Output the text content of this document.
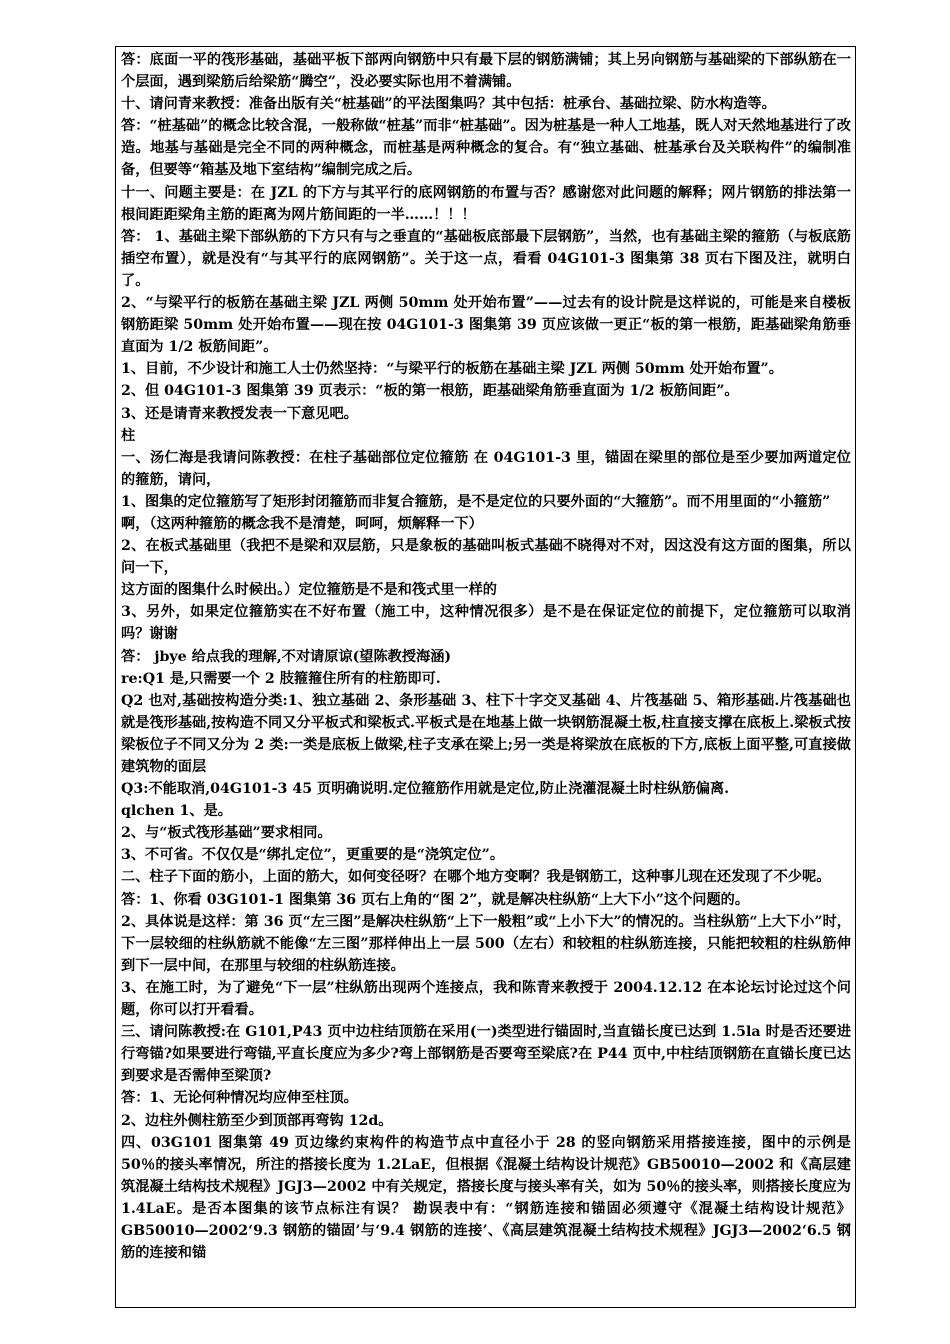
答：底面一平的筏形基础，基础平板下部两向钢筋中只有最下层的钢筋满铺；其上另向钢筋与基础梁的下部纵筋在一个层面，遇到梁筋后给梁筋“腾空”，没必要实际也用不着满铺。

十、请问青来教授：准备出版有关“桩基础”的平法图集吗？其中包括：桩承台、基础拉梁、防水构造等。

答：“桩基础”的概念比较含混，一般称做“桩基”而非“桩基础”。因为桩基是一种人工地基，既人对天然地基进行了改造。地基与基础是完全不同的两种概念，而桩基是两种概念的复合。有“独立基础、桩基承台及关联构件”的编制准备，但要等“箱基及地下室结构”编制完成之后。

十一、问题主要是：在 JZL 的下方与其平行的底网钢筋的布置与否？感谢您对此问题的解释；网片钢筋的排法第一根间距距梁角主筋的距离为网片筋间距的一半……！！！

答： 1、基础主梁下部纵筋的下方只有与之垂直的“基础板底部最下层钢筋”，当然，也有基础主梁的箍筋（与板底筋插空布置），就是没有“与其平行的底网钢筋”。关于这一点，看看 04G101-3 图集第 38 页右下图及注，就明白了。

2、“与梁平行的板筋在基础主梁 JZL 两侧 50mm 处开始布置”——过去有的设计院是这样说的，可能是来自楼板钢筋距梁 50mm 处开始布置——现在按 04G101-3 图集第 39 页应该做一更正“板的第一根筋，距基础梁角筋垂直面为 1/2 板筋间距”。

1、目前，不少设计和施工人士仍然坚持：“与梁平行的板筋在基础主梁 JZL 两侧 50mm 处开始布置”。

2、但 04G101-3 图集第 39 页表示：“板的第一根筋，距基础梁角筋垂直面为 1/2 板筋间距”。

3、还是请青来教授发表一下意见吧。

柱

一、汤仁海是我请问陈教授：在柱子基础部位定位箍筋 在 04G101-3 里，锚固在梁里的部位是至少要加两道定位的箍筋，请问，

1、图集的定位箍筋写了矩形封闭箍筋而非复合箍筋，是不是定位的只要外面的“大箍筋”。而不用里面的“小箍筋”

啊，（这两种箍筋的概念我不是清楚，呵呵，烦解释一下）

2、在板式基础里（我把不是梁和双层筋，只是象板的基础叫板式基础不晓得对不对，因这没有这方面的图集，所以问一下，

这方面的图集什么时候出。）定位箍筋是不是和筏式里一样的

3、另外，如果定位箍筋实在不好布置（施工中，这种情况很多）是不是在保证定位的前提下，定位箍筋可以取消吗？谢谢

答： jbye 给点我的理解,不对请原谅(望陈教授海涵)

re:Q1 是,只需要一个 2 肢箍箍住所有的柱筋即可.

Q2 也对,基础按构造分类:1、独立基础 2、条形基础 3、柱下十字交叉基础 4、片筏基础 5、箱形基础.片筏基础也就是筏形基础,按构造不同又分平板式和梁板式.平板式是在地基上做一块钢筋混凝土板,柱直接支撑在底板上.梁板式按梁板位子不同又分为 2 类:一类是底板上做梁,柱子支承在梁上;另一类是将梁放在底板的下方,底板上面平整,可直接做建筑物的面层

Q3:不能取消,04G101-3 45 页明确说明.定位箍筋作用就是定位,防止浇灌混凝土时柱纵筋偏离.

qlchen 1、是。

2、与“板式筏形基础”要求相同。

3、不可省。不仅仅是“绑扎定位”，更重要的是“浇筑定位”。

二、柱子下面的筋小，上面的筋大，如何变径呀？在哪个地方变啊？我是钢筋工，这种事儿现在还发现了不少呢。

答：1、你看 03G101-1 图集第 36 页右上角的“图 2”，就是解决柱纵筋“上大下小”这个问题的。

2、具体说是这样：第 36 页“左三图”是解决柱纵筋“上下一般粗”或“上小下大”的情况的。当柱纵筋“上大下小”时，下一层较细的柱纵筋就不能像“左三图”那样伸出上一层 500（左右）和较粗的柱纵筋连接，只能把较粗的柱纵筋伸到下一层中间，在那里与较细的柱纵筋连接。

3、在施工时，为了避免“下一层”柱纵筋出现两个连接点，我和陈青来教授于 2004.12.12 在本论坛讨论过这个问题，你可以打开看看。

三、请问陈教授:在 G101,P43 页中边柱结顶筋在采用(一)类型进行锚固时,当直锚长度已达到 1.5la 时是否还要进行弯锚?如果要进行弯锚,平直长度应为多少?弯上部钢筋是否要弯至梁底?在 P44 页中,中柱结顶钢筋在直锚长度已达到要求是否需伸至梁顶?

答：1、无论何种情况均应伸至柱顶。

2、边柱外侧柱筋至少到顶部再弯钩 12d。

四、03G101 图集第 49 页边缘约束构件的构造节点中直径小于 28 的竖向钢筋采用搭接连接，图中的示例是 50％的接头率情况，所注的搭接长度为 1.2LaE，但根据《混凝土结构设计规范》GB50010—2002 和《高层建筑混凝土结构技术规程》JGJ3—2002 中有关规定，搭接长度与接头率有关，如为 50％的接头率，则搭接长度应为 1.4LaE。是否本图集的该节点标注有误？ 勘误表中有：“钢筋连接和锚固必须遵守《混凝土结构设计规范》GB50010—2002‘9.3 钢筋的锚固’与‘9.4 钢筋的连接’、《高层建筑混凝土结构技术规程》JGJ3—2002‘6.5 钢筋的连接和锚
